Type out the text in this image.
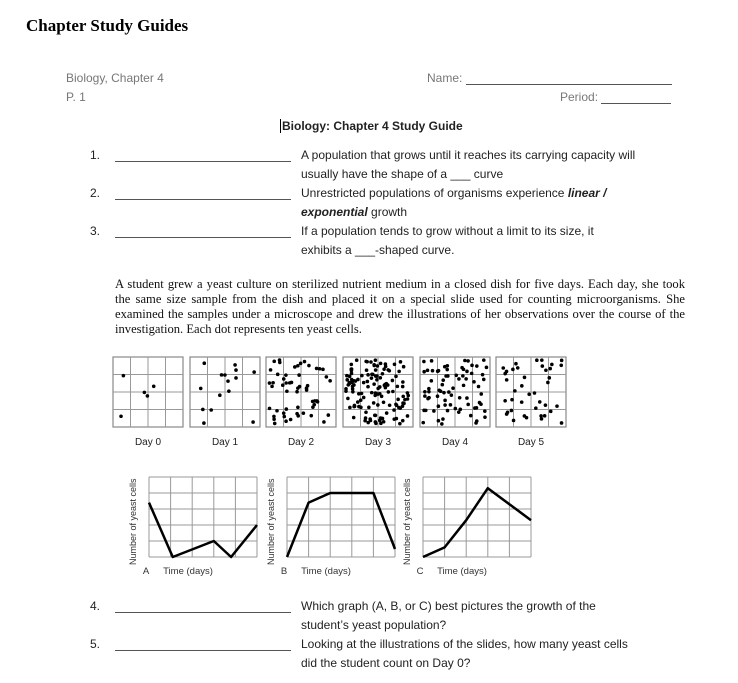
Chapter Study Guides
Biology, Chapter 4
P. 1
Name:
Period:
Biology: Chapter 4 Study Guide
1.	A population that grows until it reaches its carrying capacity will
usually have the shape of a ___ curve
2.	Unrestricted populations of organisms experience linear /
exponential growth
3.	If a population tends to grow without a limit to its size, it
exhibits a ___-shaped curve.
A student grew a yeast culture on sterilized nutrient medium in a closed dish for five days. Each day, she took the same size sample from the dish and placed it on a special slide used for counting microorganisms. She examined the samples under a microscope and drew the illustrations of her observations over the course of the investigation. Each dot represents ten yeast cells.
Day 0	Day 1	Day 2	Day 3	Day 4	Day 5
Time (days)
A
Number of yeast cells
Time (days)
B
Number of yeast cells
Time (days)
C
Number of yeast cells
4.	Which graph (A, B, or C) best pictures the growth of the
student’s yeast population?
5.	Looking at the illustrations of the slides, how many yeast cells
did the student count on Day 0?
